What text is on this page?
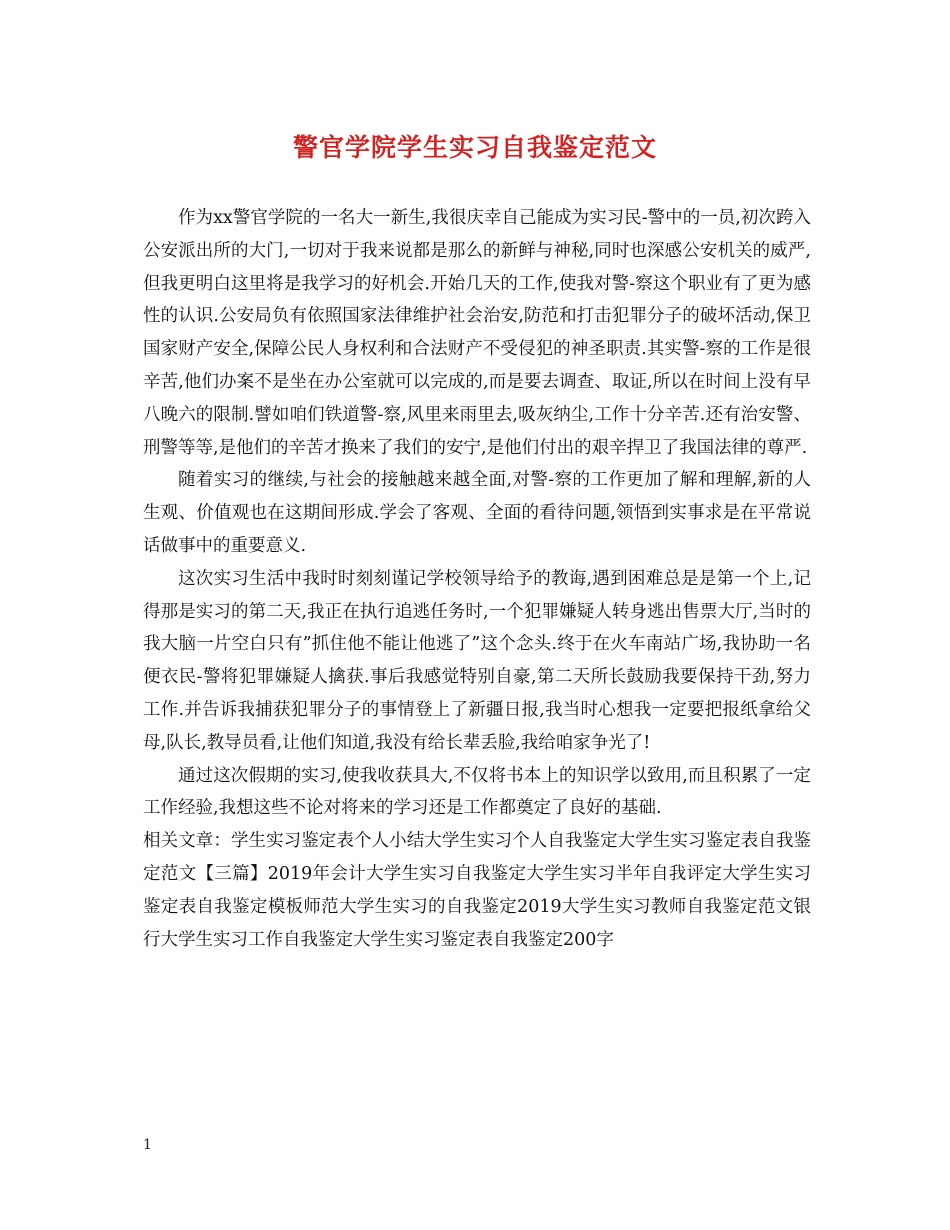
警官学院学生实习自我鉴定范文

作为xx警官学院的一名大一新生,我很庆幸自己能成为实习民-警中的一员,初次跨入公安派出所的大门,一切对于我来说都是那么的新鲜与神秘,同时也深感公安机关的威严,但我更明白这里将是我学习的好机会.开始几天的工作,使我对警-察这个职业有了更为感性的认识.公安局负有依照国家法律维护社会治安,防范和打击犯罪分子的破坏活动,保卫国家财产安全,保障公民人身权利和合法财产不受侵犯的神圣职责.其实警-察的工作是很辛苦,他们办案不是坐在办公室就可以完成的,而是要去调查、取证,所以在时间上没有早八晚六的限制.譬如咱们铁道警-察,风里来雨里去,吸灰纳尘,工作十分辛苦.还有治安警、刑警等等,是他们的辛苦才换来了我们的安宁,是他们付出的艰辛捍卫了我国法律的尊严.

随着实习的继续,与社会的接触越来越全面,对警-察的工作更加了解和理解,新的人生观、价值观也在这期间形成.学会了客观、全面的看待问题,领悟到实事求是在平常说话做事中的重要意义.

这次实习生活中我时时刻刻谨记学校领导给予的教诲,遇到困难总是是第一个上,记得那是实习的第二天,我正在执行追逃任务时,一个犯罪嫌疑人转身逃出售票大厅,当时的我大脑一片空白只有”抓住他不能让他逃了”这个念头.终于在火车南站广场,我协助一名便衣民-警将犯罪嫌疑人擒获.事后我感觉特别自豪,第二天所长鼓励我要保持干劲,努力工作.并告诉我捕获犯罪分子的事情登上了新疆日报,我当时心想我一定要把报纸拿给父母,队长,教导员看,让他们知道,我没有给长辈丢脸,我给咱家争光了!

通过这次假期的实习,使我收获具大,不仅将书本上的知识学以致用,而且积累了一定工作经验,我想这些不论对将来的学习还是工作都奠定了良好的基础.

相关文章：学生实习鉴定表个人小结大学生实习个人自我鉴定大学生实习鉴定表自我鉴定范文【三篇】2019年会计大学生实习自我鉴定大学生实习半年自我评定大学生实习鉴定表自我鉴定模板师范大学生实习的自我鉴定2019大学生实习教师自我鉴定范文银行大学生实习工作自我鉴定大学生实习鉴定表自我鉴定200字

1
